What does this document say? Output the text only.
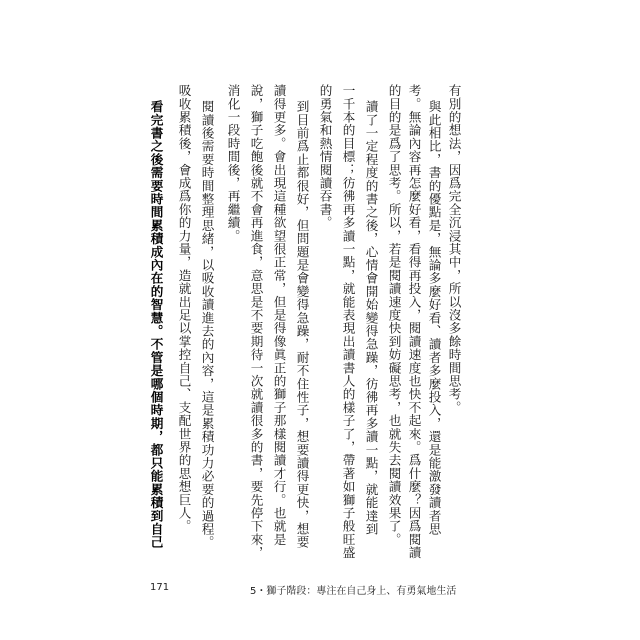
有別的想法，因爲完全沉浸其中，所以沒多餘時間思考。
與此相比，書的優點是，無論多麼好看、讀者多麼投入，還是能激發讀者思
考。無論內容再怎麼好看，看得再投入，閱讀速度也快不起來。爲什麼？因爲閱讀
的目的是爲了思考。所以，若是閱讀速度快到妨礙思考，也就失去閱讀效果了。
讀了一定程度的書之後，心情會開始變得急躁，彷彿再多讀一點，就能達到
一千本的目標；彷彿再多讀一點，就能表現出讀書人的樣子了，帶著如獅子般旺盛
的勇氣和熱情閱讀吞書。
到目前爲止都很好，但問題是會變得急躁，耐不住性子，想要讀得更快，想要
讀得更多。會出現這種欲望很正常，但是得像眞正的獅子那樣閱讀才行。也就是
說，獅子吃飽後就不會再進食，意思是不要期待一次就讀很多的書，要先停下來，
消化一段時間後，再繼續。
閱讀後需要時間整理思緒，以吸收讀進去的內容，這是累積功力必要的過程。
吸收累積後，會成爲你的力量，造就出足以掌控自己、支配世界的思想巨人。
看完書之後需要時間累積成內在的智慧。不管是哪個時期，都只能累積到自己
171	5・獅子階段：專注在自己身上、有勇氣地生活
